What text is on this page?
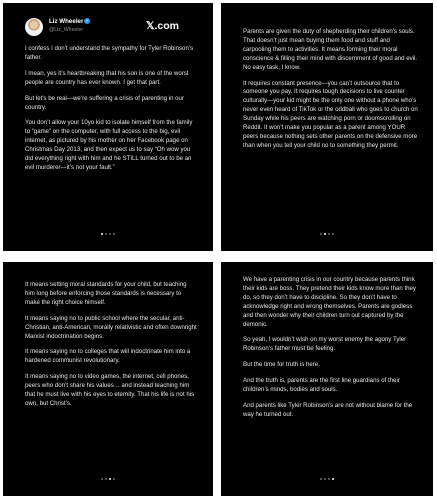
Liz Wheeler ✓
@Liz_Wheeler	𝕏.com

I confess I don’t understand the sympathy for Tyler Robinson’s father.

I mean, yes it’s heartbreaking that his son is one of the worst people are country has ever known. I get that part.

But let’s be real—we’re suffering a crisis of parenting in our country.

You don’t allow your 10yo kid to isolate himself from the family to “game” on the computer, with full access to the big, evil internet, as pictured by his mother on her Facebook page on Christmas Day 2013, and then expect us to say “Oh wow you did everything right with him and he STILL turned out to be an evil murderer—it’s not your fault.”

Parents are given the duty of shepherding their children’s souls. That doesn’t just mean buying them food and stuff and carpooling them to activities. It means forming their moral conscience & filling their mind with discernment of good and evil. No easy task, I know.

It requires constant presence—you can’t outsource that to someone you pay. It requires tough decisions to live counter culturally—your kid might be the only one without a phone who’s never even heard of TikTok or the oddball who goes to church on Sunday while his peers are watching porn or doomscrolling on Reddit. It won’t make you popular as a parent among YOUR peers because nothing sets other parents on the defensive more than when you tell your child no to something they permit.

It means setting moral standards for your child, but teaching him long before enforcing those standards is necessary to make the right choice himself.

It means saying no to public school where the secular, anti-Christian, anti-American, morally relativistic and often downright Marxist indoctrination begins.

It means saying no to colleges that will indoctrinate him into a hardened communist revolutionary.

It means saying no to video games, the internet, cell phones, peers who don’t share his values… and instead teaching him that he must live with his eyes to eternity. That his life is not his own, but Christ’s.

We have a parenting crisis in our country because parents think their kids are boss. They pretend their kids know more than they do, so they don’t have to discipline. So they don’t have to acknowledge right and wrong themselves. Parents are godless and then wonder why their children turn out captured by the demonic.

So yeah, I wouldn’t wish on my worst enemy the agony Tyler Robinson’s father must be feeling.

But the time for truth is here.

And the truth is, parents are the first line guardians of their children’s minds, bodies and souls.

And parents like Tyler Robinson’s are not without blame for the way he turned out.
